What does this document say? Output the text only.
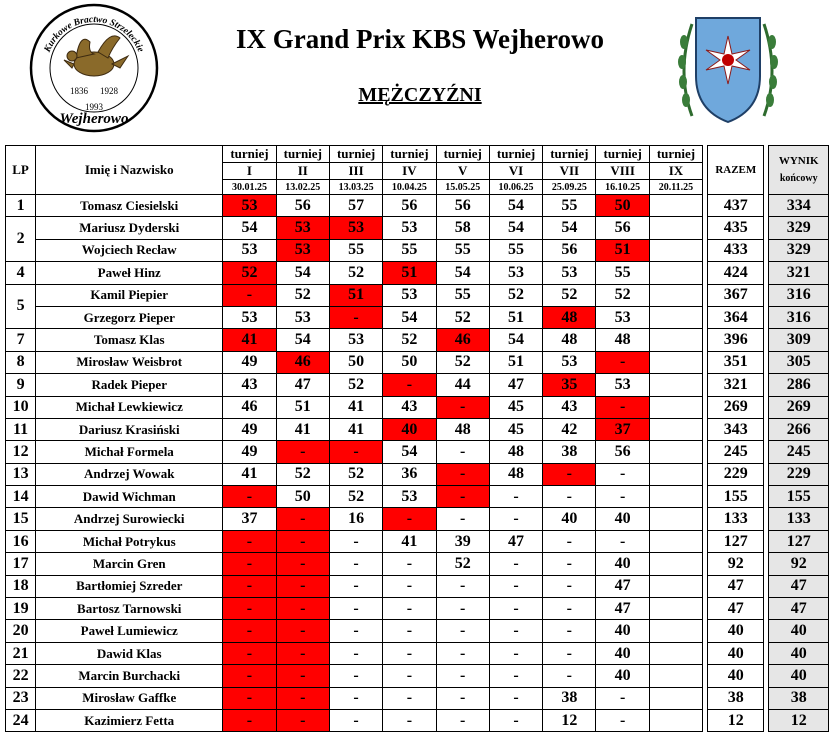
Kurkowe Bractwo Strzeleckie
1836 1928
1993
Wejherowo
IX Grand Prix KBS Wejherowo
MĘŻCZYŹNI
LP	Imię i Nazwisko	turniej	turniej	turniej	turniej	turniej	turniej	turniej	turniej	turniej		RAZEM		WYNIK
końcowy

		I	II	III	IV	V	VI	VII	VIII	IX				
		30.01.25	13.02.25	13.03.25	10.04.25	15.05.25	10.06.25	25.09.25	16.10.25	20.11.25				
1	Tomasz Ciesielski	53	56	57	56	56	54	55	50			437		334
2	Mariusz Dyderski	54	53	53	53	58	54	54	56			435		329
	Wojciech Recław	53	53	55	55	55	55	56	51			433		329
4	Paweł Hinz	52	54	52	51	54	53	53	55			424		321
5	Kamil Piepier	-	52	51	53	55	52	52	52			367		316
	Grzegorz Pieper	53	53	-	54	52	51	48	53			364		316
7	Tomasz Klas	41	54	53	52	46	54	48	48			396		309
8	Mirosław Weisbrot	49	46	50	50	52	51	53	-			351		305
9	Radek Pieper	43	47	52	-	44	47	35	53			321		286
10	Michał Lewkiewicz	46	51	41	43	-	45	43	-			269		269
11	Dariusz Krasiński	49	41	41	40	48	45	42	37			343		266
12	Michał Formela	49	-	-	54	-	48	38	56			245		245
13	Andrzej Wowak	41	52	52	36	-	48	-	-			229		229
14	Dawid Wichman	-	50	52	53	-	-	-	-			155		155
15	Andrzej Surowiecki	37	-	16	-	-	-	40	40			133		133
16	Michał Potrykus	-	-	-	41	39	47	-	-			127		127
17	Marcin Gren	-	-	-	-	52	-	-	40			92		92
18	Bartłomiej Szreder	-	-	-	-	-	-	-	47			47		47
19	Bartosz Tarnowski	-	-	-	-	-	-	-	47			47		47
20	Paweł Lumiewicz	-	-	-	-	-	-	-	40			40		40
21	Dawid Klas	-	-	-	-	-	-	-	40			40		40
22	Marcin Burchacki	-	-	-	-	-	-	-	40			40		40
23	Mirosław Gaffke	-	-	-	-	-	-	38	-			38		38
24	Kazimierz Fetta	-	-	-	-	-	-	12	-			12		12
